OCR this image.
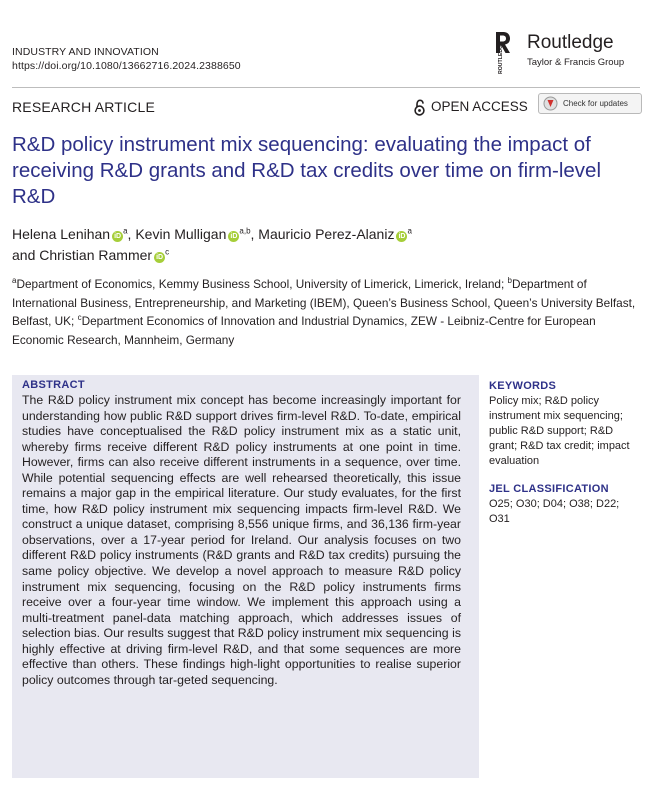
INDUSTRY AND INNOVATION
https://doi.org/10.1080/13662716.2024.2388650	ROUTLEDGE Routledge
Taylor & Francis Group
RESEARCH ARTICLE	OPEN ACCESS	Check for updates
R&D policy instrument mix sequencing: evaluating the impact of receiving R&D grants and R&D tax credits over time on firm-level R&D
Helena Lenihan $iD^a$, Kevin Mulligan iD$^{a,b}$, Mauricio Perez-Alaniz $iD^a$
and Christian Rammer $iD^c$
$^a$Department of Economics, Kemmy Business School, University of Limerick, Limerick, Ireland; $^b$Department of International Business, Entrepreneurship, and Marketing (IBEM), Queen’s Business School, Queen’s University Belfast, Belfast, UK; $^c$Department Economics of Innovation and Industrial Dynamics, ZEW - Leibniz-Centre for European Economic Research, Mannheim, Germany
ABSTRACT

The R&D policy instrument mix concept has become increasingly important for understanding how public R&D support drives firm-level R&D. To-date, empirical studies have conceptualised the R&D policy instrument mix as a static unit, whereby firms receive different R&D policy instruments at one point in time. However, firms can also receive different instruments in a sequence, over time. While potential sequencing effects are well rehearsed theoretically, this issue remains a major gap in the empirical literature. Our study evaluates, for the first time, how R&D policy instrument mix sequencing impacts firm-level R&D. We construct a unique dataset, comprising 8,556 unique firms, and 36,136 firm-year observations, over a 17-year period for Ireland. Our analysis focuses on two different R&D policy instruments (R&D grants and R&D tax credits) pursuing the same policy objective. We develop a novel approach to measure R&D policy instrument mix sequencing, focusing on the R&D policy instruments firms receive over a four-year time window. We implement this approach using a multi-treatment panel-data matching approach, which addresses issues of selection bias. Our results suggest that R&D policy instrument mix sequencing is highly effective at driving firm-level R&D, and that some sequences are more effective than others. These findings high-light opportunities to realise superior policy outcomes through tar-geted sequencing.

KEYWORDS
Policy mix; R&D policy instrument mix sequencing; public R&D support; R&D grant; R&D tax credit; impact evaluation
JEL CLASSIFICATION
O25; O30; D04; O38; D22; O31
